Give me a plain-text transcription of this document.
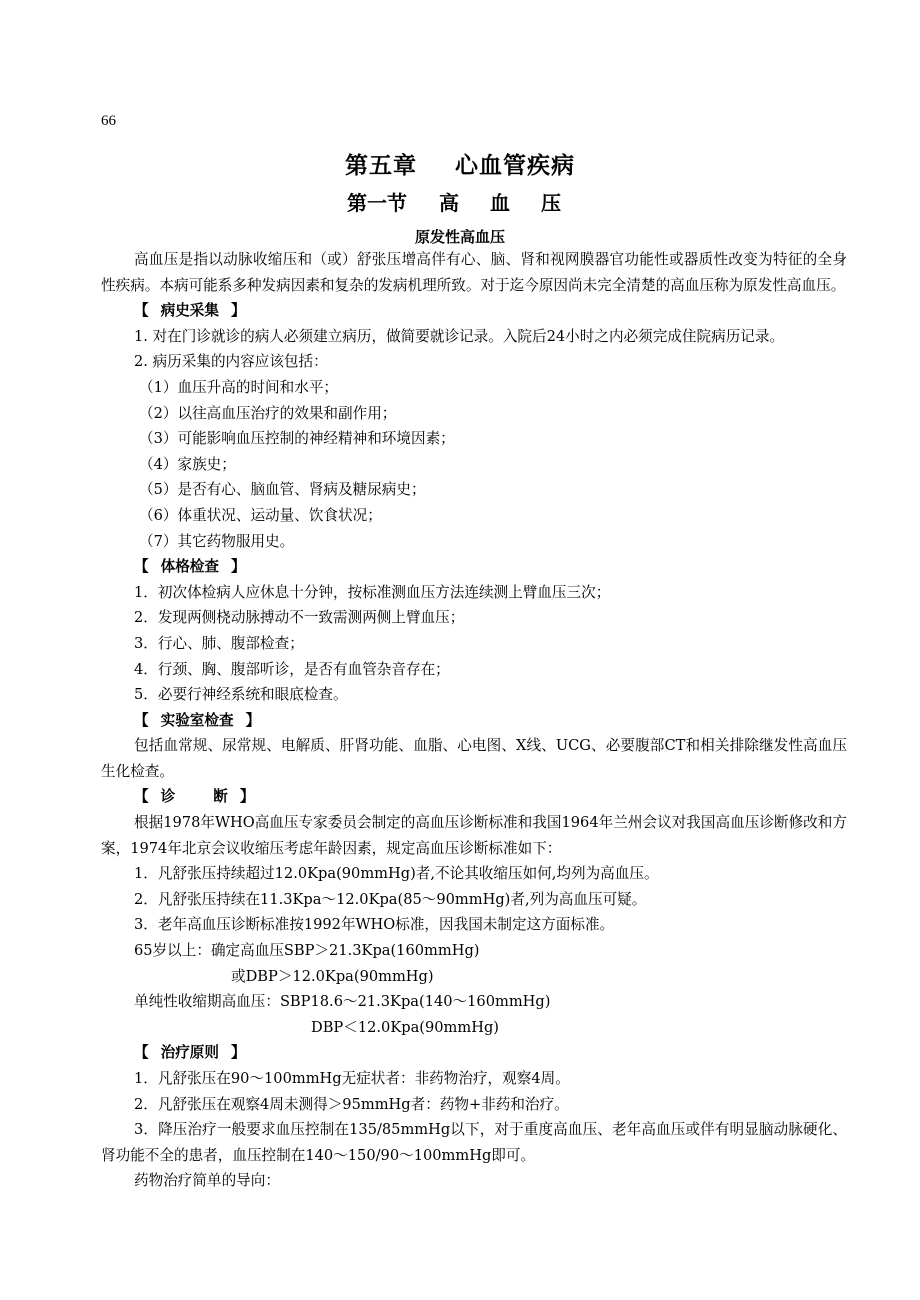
66
第五章 心血管疾病
第一节 高 血 压
原发性高血压

高血压是指以动脉收缩压和（或）舒张压增高伴有心、脑、肾和视网膜器官功能性或器质性改变为特征的全身性疾病。本病可能系多种发病因素和复杂的发病机理所致。对于迄今原因尚未完全清楚的高血压称为原发性高血压。

【 病史采集 】

1. 对在门诊就诊的病人必须建立病历，做简要就诊记录。入院后24小时之内必须完成住院病历记录。

2. 病历采集的内容应该包括：

（1）血压升高的时间和水平；

（2）以往高血压治疗的效果和副作用；

（3）可能影响血压控制的神经精神和环境因素；

（4）家族史；

（5）是否有心、脑血管、肾病及糖尿病史；

（6）体重状况、运动量、饮食状况；

（7）其它药物服用史。

【 体格检查 】

1．初次体检病人应休息十分钟，按标准测血压方法连续测上臂血压三次；

2．发现两侧桡动脉搏动不一致需测两侧上臂血压；

3．行心、肺、腹部检查；

4．行颈、胸、腹部听诊，是否有血管杂音存在；

5．必要行神经系统和眼底检查。

【 实验室检查 】

包括血常规、尿常规、电解质、肝肾功能、血脂、心电图、X线、UCG、必要腹部CT和相关排除继发性高血压生化检查。

【 诊	断 】

根据1978年WHO高血压专家委员会制定的高血压诊断标准和我国1964年兰州会议对我国高血压诊断修改和方案，1974年北京会议收缩压考虑年龄因素，规定高血压诊断标准如下：

1．凡舒张压持续超过12.0Kpa(90mmHg)者,不论其收缩压如何,均列为高血压。

2．凡舒张压持续在11.3Kpa～12.0Kpa(85～90mmHg)者,列为高血压可疑。

3．老年高血压诊断标准按1992年WHO标准，因我国未制定这方面标准。

65岁以上：确定高血压SBP＞21.3Kpa(160mmHg)

或DBP＞12.0Kpa(90mmHg)

单纯性收缩期高血压：SBP18.6～21.3Kpa(140～160mmHg)

DBP＜12.0Kpa(90mmHg)

【 治疗原则 】

1．凡舒张压在90～100mmHg无症状者：非药物治疗，观察4周。

2．凡舒张压在观察4周未测得＞95mmHg者：药物+非药和治疗。

3．降压治疗一般要求血压控制在135/85mmHg以下，对于重度高血压、老年高血压或伴有明显脑动脉硬化、肾功能不全的患者，血压控制在140～150/90～100mmHg即可。

药物治疗简单的导向：
